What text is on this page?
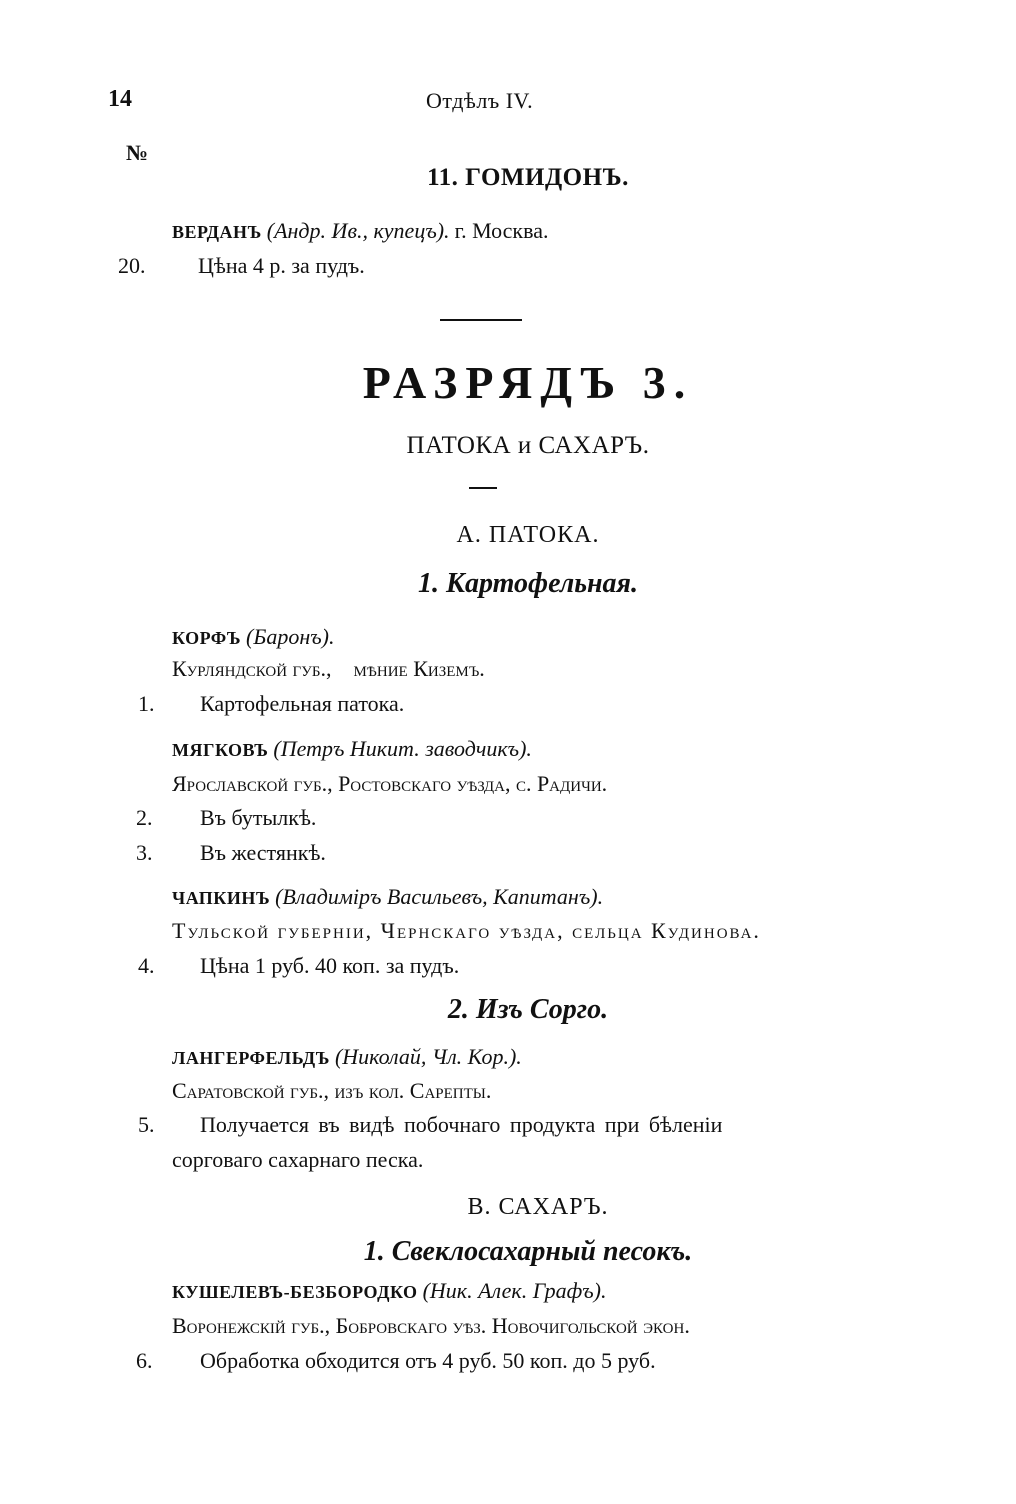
14	Отдѣлъ IV.
№
11. ГОМИДОНЪ.
ВЕРДАНЪ (Андр. Ив., купецъ). г. Москва.
20. Цѣна 4 р. за пудъ.
РАЗРЯДЪ 3.
ПАТОКА и САХАРЪ.
А. ПАТОКА.
1. Картофельная.
КОРФЪ (Баронъ).
Курляндской губ., мѣние Киземъ.
1. Картофельная патока.
МЯГКОВЪ (Петръ Никит. заводчикъ).
Ярославской губ., Ростовскаго уѣзда, с. Радичи.
2. Въ бутылкѣ.
3. Въ жестянкѣ.
ЧАПКИНЪ (Владиміръ Васильевъ, Капитанъ).
Тульской губерніи, Чернскаго уѣзда, сельца Кудинова.
4. Цѣна 1 руб. 40 коп. за пудъ.
2. Изъ Сорго.
ЛАНГЕРФЕЛЬДЪ (Николай, Чл. Кор.).
Саратовской губ., изъ кол. Сарепты.
5. Получается въ видѣ побочнаго продукта при бѣленіи
сорговаго сахарнаго песка.
В. САХАРЪ.
1. Свеклосахарный песокъ.
КУШЕЛЕВЪ-БЕЗБОРОДКО (Ник. Алек. Графъ).
Воронежскій губ., Бобровскаго уѣз. Новочигольской экон.
6. Обработка обходится отъ 4 руб. 50 коп. до 5 руб.
